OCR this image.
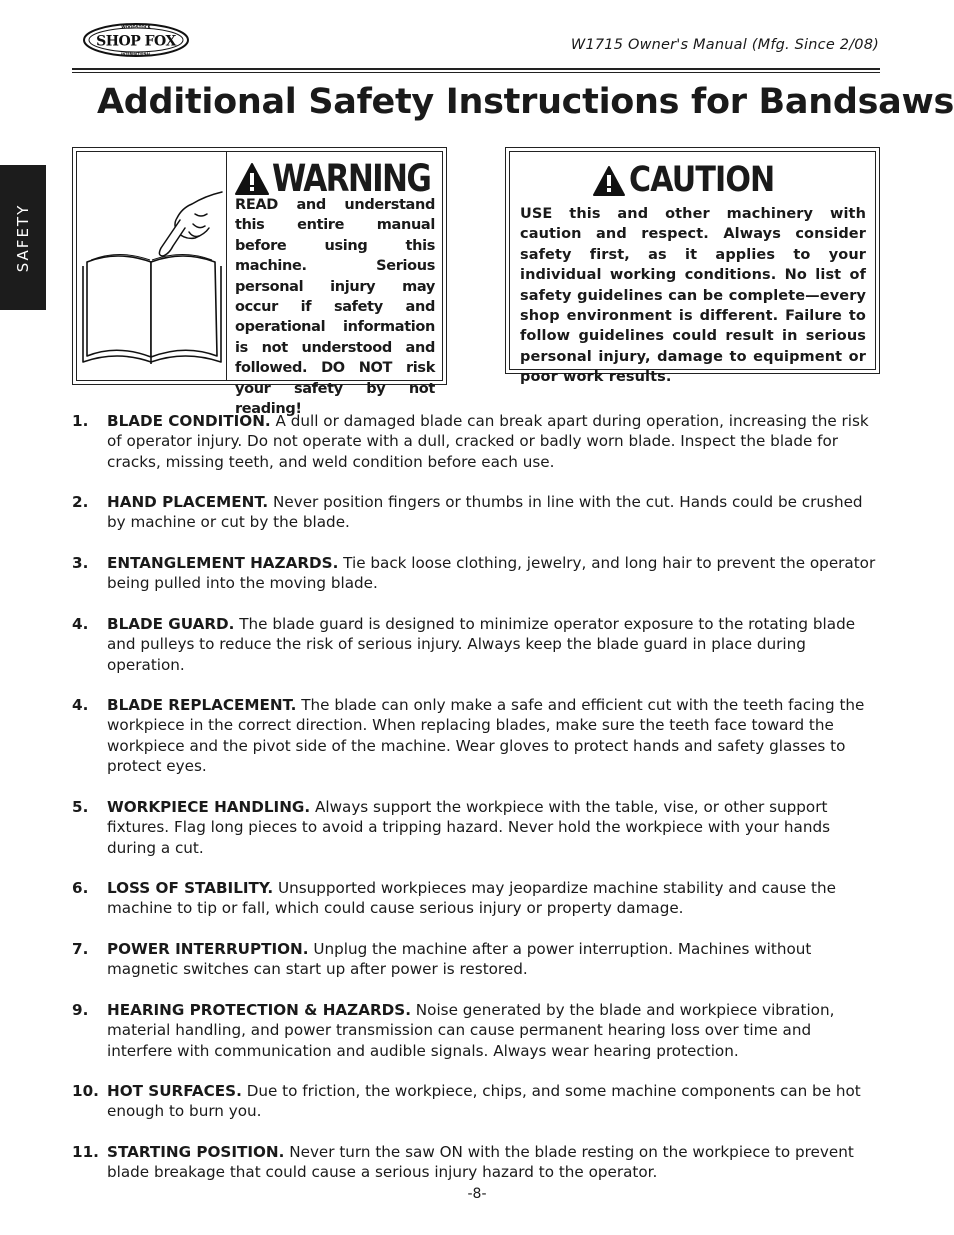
WOODSTOCK
INTERNATIONAL
SHOP FOX	W1715 Owner's Manual (Mfg. Since 2/08)
SAFETY
Additional Safety Instructions for Bandsaws
WARNING
READ and understand this entire manual before using this machine. Serious personal injury may occur if safety and operational information is not understood and followed. DO NOT risk your safety by not reading!
CAUTION
USE this and other machinery with caution and respect. Always consider safety first, as it applies to your individual working conditions. No list of safety guidelines can be complete—every shop environment is different. Failure to follow guidelines could result in serious personal injury, damage to equipment or poor work results.
1.	BLADE CONDITION. A dull or damaged blade can break apart during operation, increasing the risk of operator injury. Do not operate with a dull, cracked or badly worn blade. Inspect the blade for cracks, missing teeth, and weld condition before each use.
2.	HAND PLACEMENT. Never position fingers or thumbs in line with the cut. Hands could be crushed by machine or cut by the blade.
3.	ENTANGLEMENT HAZARDS. Tie back loose clothing, jewelry, and long hair to prevent the operator being pulled into the moving blade.
4.	BLADE GUARD. The blade guard is designed to minimize operator exposure to the rotating blade and pulleys to reduce the risk of serious injury. Always keep the blade guard in place during operation.
4.	BLADE REPLACEMENT. The blade can only make a safe and efficient cut with the teeth facing the workpiece in the correct direction. When replacing blades, make sure the teeth face toward the workpiece and the pivot side of the machine. Wear gloves to protect hands and safety glasses to protect eyes.
5.	WORKPIECE HANDLING. Always support the workpiece with the table, vise, or other support fixtures. Flag long pieces to avoid a tripping hazard. Never hold the workpiece with your hands during a cut.
6.	LOSS OF STABILITY. Unsupported workpieces may jeopardize machine stability and cause the machine to tip or fall, which could cause serious injury or property damage.
7.	POWER INTERRUPTION. Unplug the machine after a power interruption. Machines without magnetic switches can start up after power is restored.
9.	HEARING PROTECTION & HAZARDS. Noise generated by the blade and workpiece vibration, material handling, and power transmission can cause permanent hearing loss over time and interfere with communication and audible signals. Always wear hearing protection.
10. HOT SURFACES. Due to friction, the workpiece, chips, and some machine components can be hot enough to burn you.
11. STARTING POSITION. Never turn the saw ON with the blade resting on the workpiece to prevent blade breakage that could cause a serious injury hazard to the operator.
-8-
